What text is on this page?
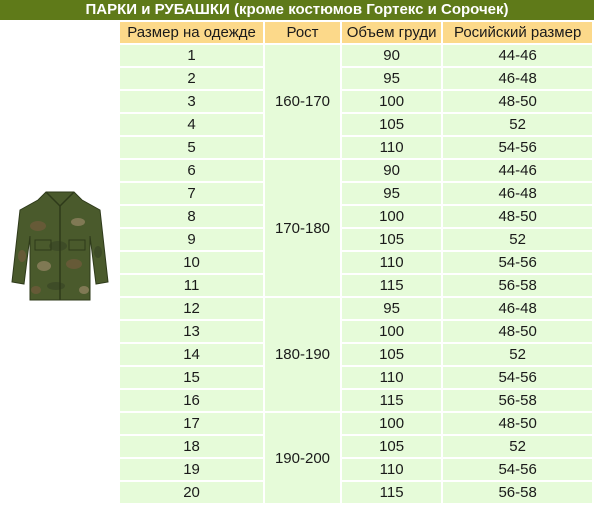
ПАРКИ и РУБАШКИ (кроме костюмов Гортекс и Сорочек)
Размер на одежде	Рост	Объем груди	Росийский размер
1	160-170	90	44-46
2		95	46-48
3		100	48-50
4		105	52
5		110	54-56
6	170-180	90	44-46
7		95	46-48
8		100	48-50
9		105	52
10		110	54-56
11		115	56-58
12	180-190	95	46-48
13		100	48-50
14		105	52
15		110	54-56
16		115	56-58
17	190-200	100	48-50
18		105	52
19		110	54-56
20		115	56-58
